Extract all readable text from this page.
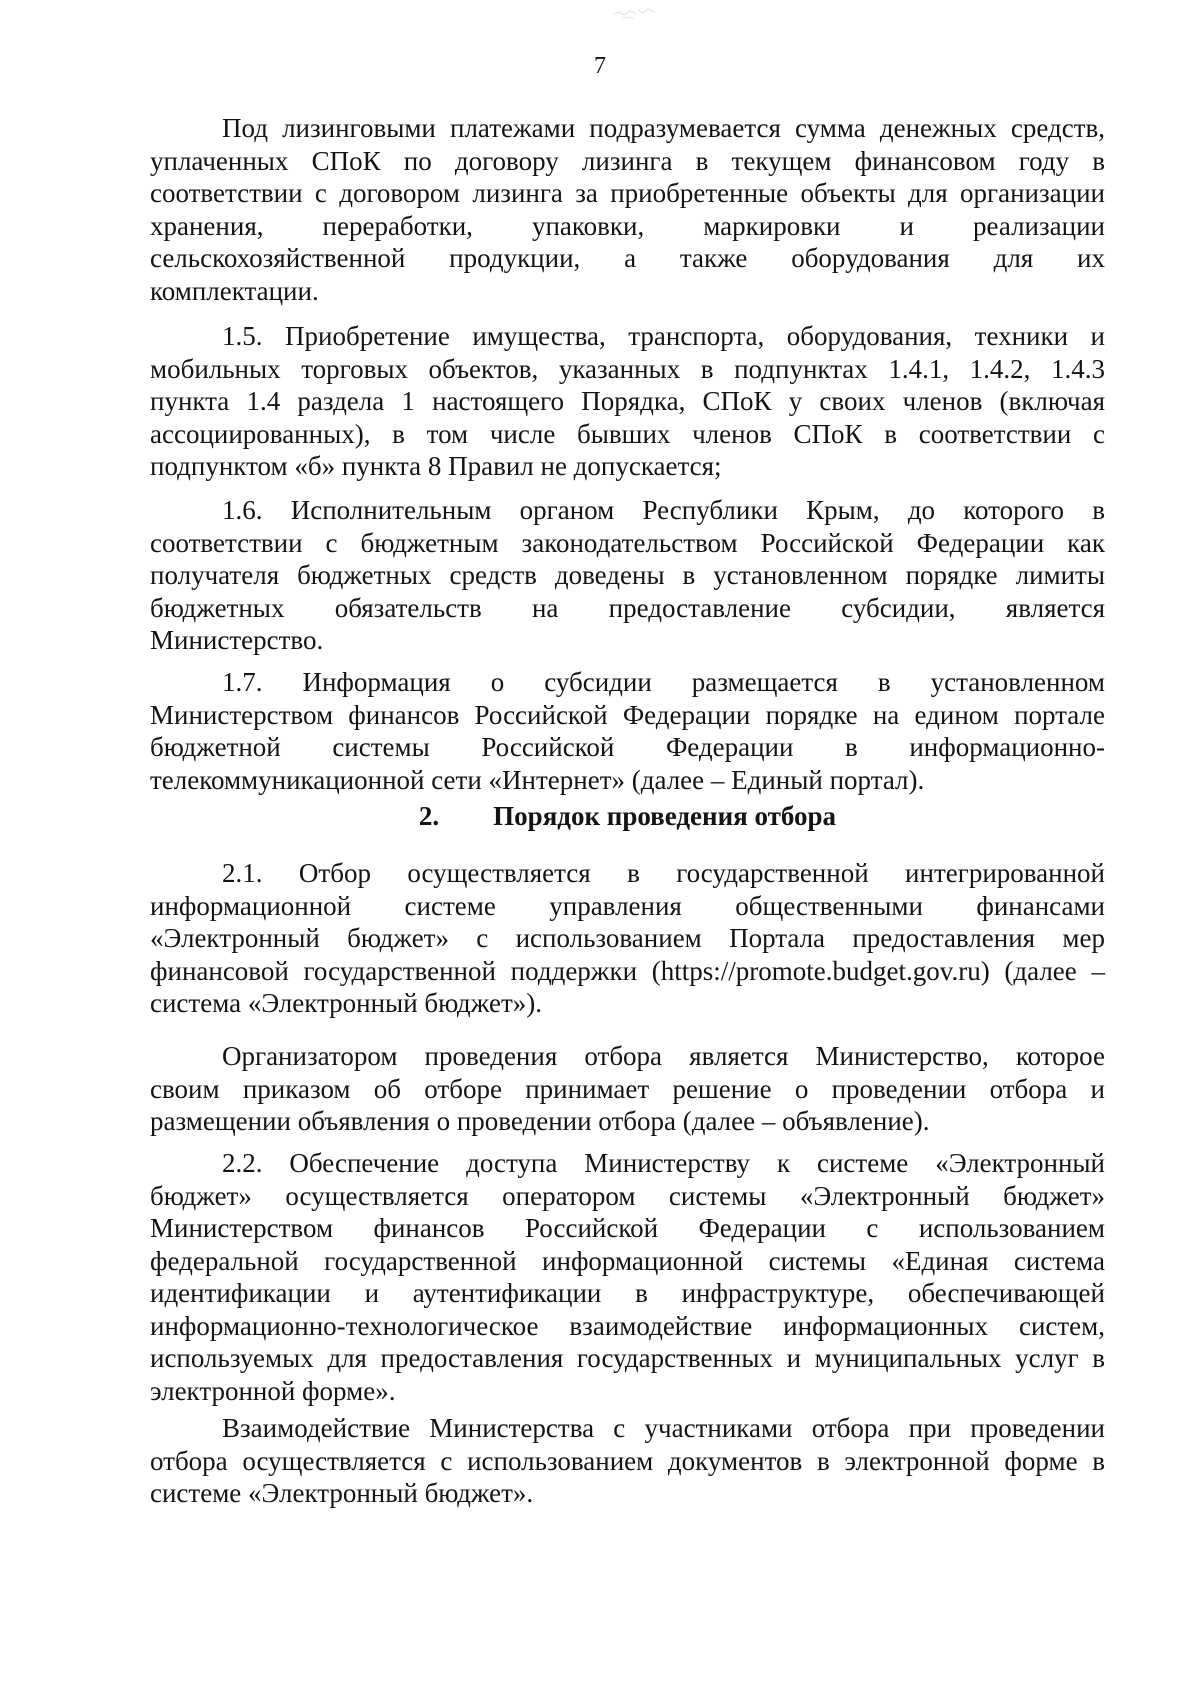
7
Под лизинговыми платежами подразумевается сумма денежных средств,
уплаченных СПоК по договору лизинга в текущем финансовом году в
соответствии с договором лизинга за приобретенные объекты для организации
хранения, переработки, упаковки, маркировки и реализации
сельскохозяйственной продукции, а также оборудования для их
комплектации.
1.5. Приобретение имущества, транспорта, оборудования, техники и
мобильных торговых объектов, указанных в подпунктах 1.4.1, 1.4.2, 1.4.3
пункта 1.4 раздела 1 настоящего Порядка, СПоК у своих членов (включая
ассоциированных), в том числе бывших членов СПоК в соответствии с
подпунктом «б» пункта 8 Правил не допускается;
1.6. Исполнительным органом Республики Крым, до которого в
соответствии с бюджетным законодательством Российской Федерации как
получателя бюджетных средств доведены в установленном порядке лимиты
бюджетных обязательств на предоставление субсидии, является
Министерство.
1.7. Информация о субсидии размещается в установленном
Министерством финансов Российской Федерации порядке на едином портале
бюджетной системы Российской Федерации в информационно-
телекоммуникационной сети «Интернет» (далее – Единый портал).
2. Порядок проведения отбора
2.1. Отбор осуществляется в государственной интегрированной
информационной системе управления общественными финансами
«Электронный бюджет» с использованием Портала предоставления мер
финансовой государственной поддержки (https://promote.budget.gov.ru) (далее –
система «Электронный бюджет»).
Организатором проведения отбора является Министерство, которое
своим приказом об отборе принимает решение о проведении отбора и
размещении объявления о проведении отбора (далее – объявление).
2.2. Обеспечение доступа Министерству к системе «Электронный
бюджет» осуществляется оператором системы «Электронный бюджет»
Министерством финансов Российской Федерации с использованием
федеральной государственной информационной системы «Единая система
идентификации и аутентификации в инфраструктуре, обеспечивающей
информационно-технологическое взаимодействие информационных систем,
используемых для предоставления государственных и муниципальных услуг в
электронной форме».
Взаимодействие Министерства с участниками отбора при проведении
отбора осуществляется с использованием документов в электронной форме в
системе «Электронный бюджет».
